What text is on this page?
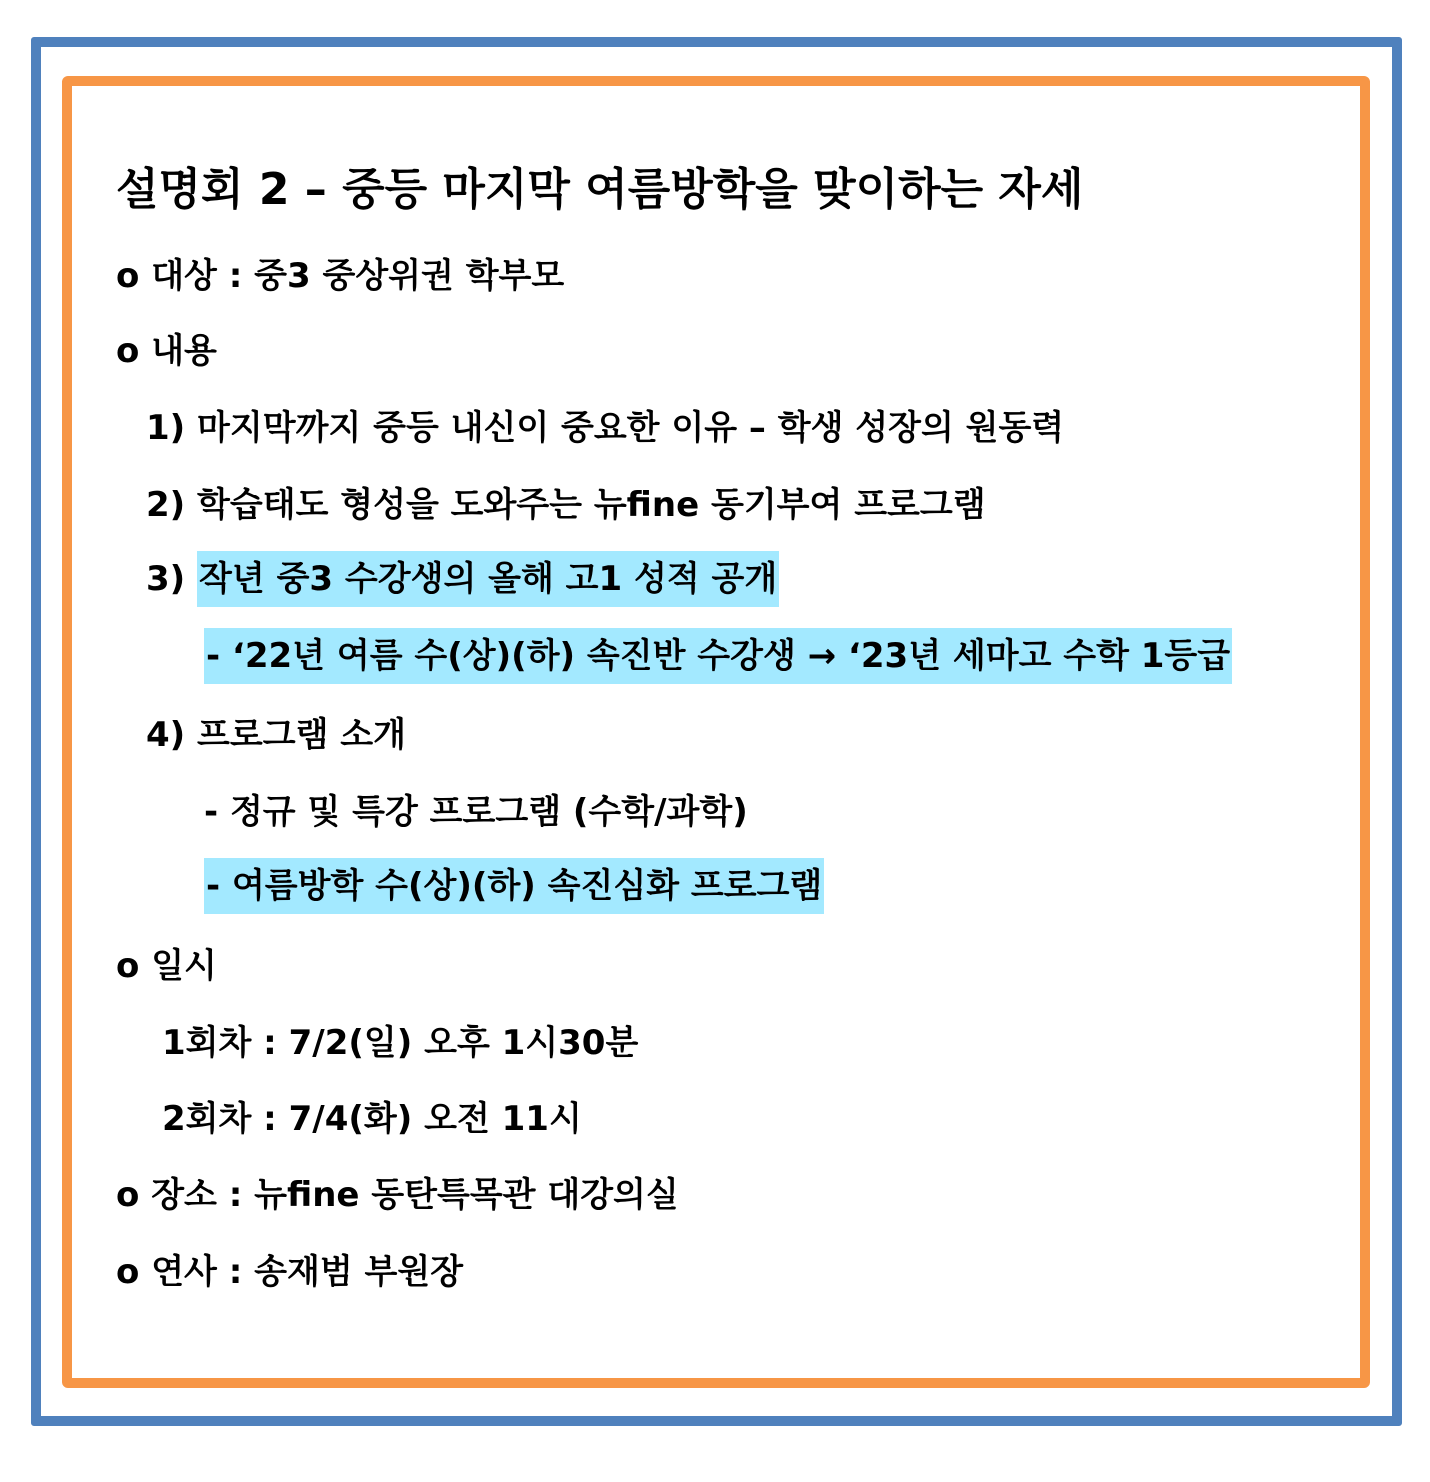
설명회 2 – 중등 마지막 여름방학을 맞이하는 자세
o 대상 : 중3 중상위권 학부모
o 내용
1) 마지막까지 중등 내신이 중요한 이유 – 학생 성장의 원동력
2) 학습태도 형성을 도와주는 뉴fine 동기부여 프로그램
3) 작년 중3 수강생의 올해 고1 성적 공개
- ‘22년 여름 수(상)(하) 속진반 수강생 → ‘23년 세마고 수학 1등급
4) 프로그램 소개
- 정규 및 특강 프로그램 (수학/과학)
- 여름방학 수(상)(하) 속진심화 프로그램
o 일시
1회차 : 7/2(일) 오후 1시30분
2회차 : 7/4(화) 오전 11시
o 장소 : 뉴fine 동탄특목관 대강의실
o 연사 : 송재범 부원장
